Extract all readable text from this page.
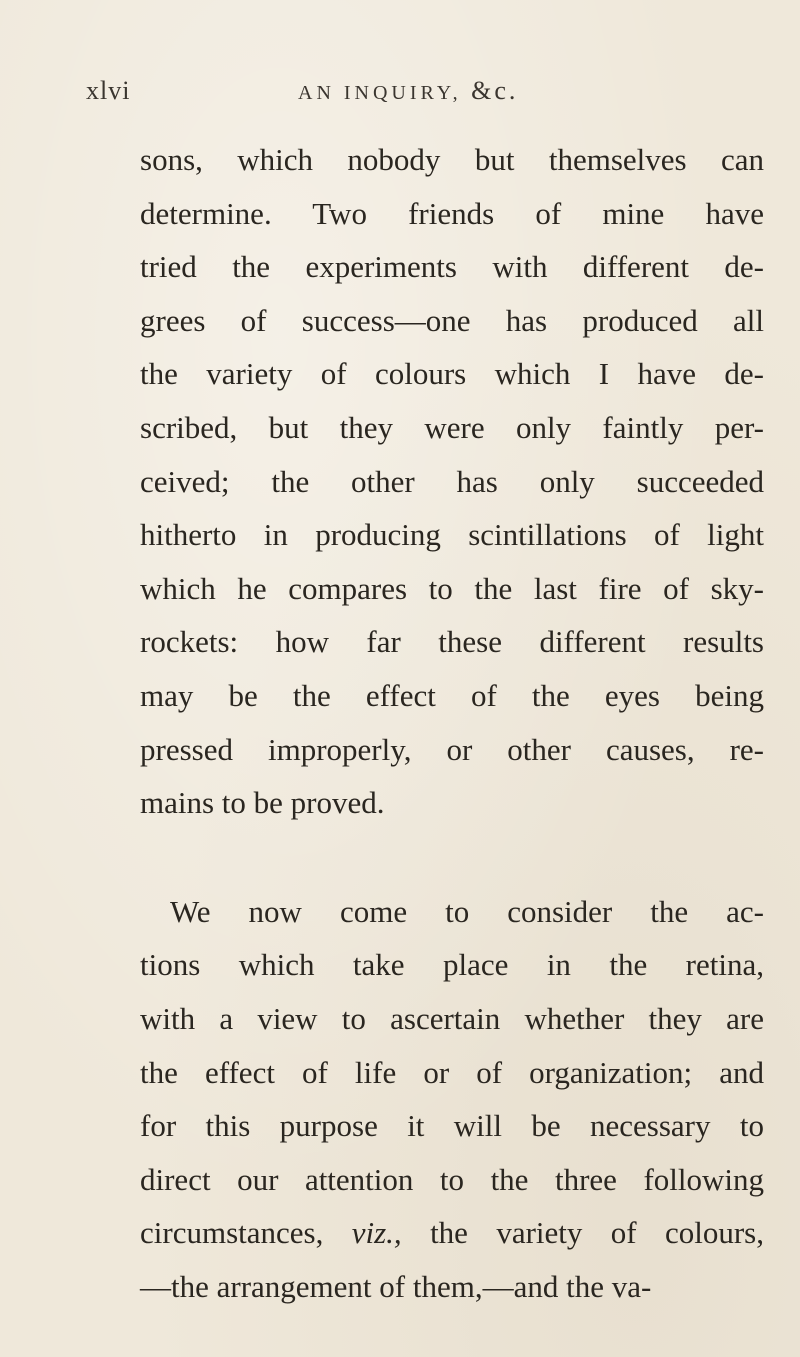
xlvi	AN INQUIRY, &c.
sons, which nobody but themselves can
determine. Two friends of mine have
tried the experiments with different de-
grees of success—one has produced all
the variety of colours which I have de-
scribed, but they were only faintly per-
ceived; the other has only succeeded
hitherto in producing scintillations of light
which he compares to the last fire of sky-
rockets: how far these different results
may be the effect of the eyes being
pressed improperly, or other causes, re-
mains to be proved.
We now come to consider the ac-
tions which take place in the retina,
with a view to ascertain whether they are
the effect of life or of organization; and
for this purpose it will be necessary to
direct our attention to the three following
circumstances, viz., the variety of colours,
—the arrangement of them,—and the va-
